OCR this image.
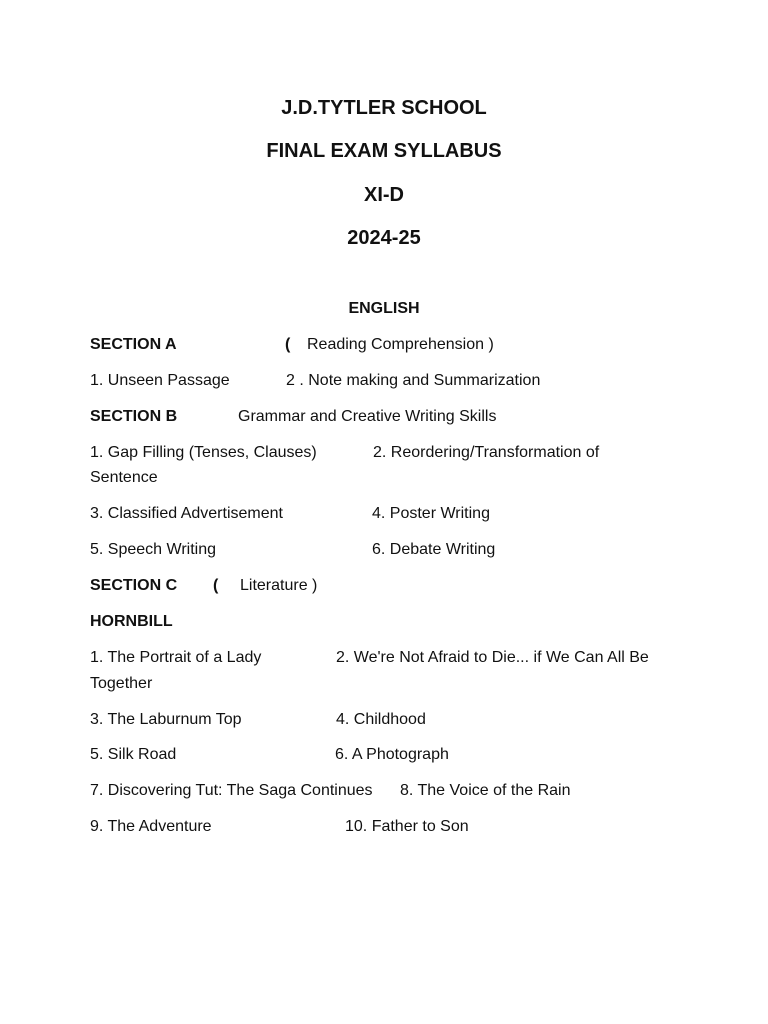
J.D.TYTLER SCHOOL
FINAL EXAM SYLLABUS
XI-D
2024-25
ENGLISH
SECTION A	( Reading Comprehension )
1. Unseen Passage	2 . Note making and Summarization
SECTION B	Grammar and Creative Writing Skills
1. Gap Filling (Tenses, Clauses)	2. Reordering/Transformation of
Sentence
3. Classified Advertisement	4. Poster Writing
5. Speech Writing	6. Debate Writing
SECTION C ( Literature )
HORNBILL
1. The Portrait of a Lady	2. We're Not Afraid to Die... if We Can All Be
Together
3. The Laburnum Top	4. Childhood
5. Silk Road	6. A Photograph
7. Discovering Tut: The Saga Continues 8. The Voice of the Rain
9. The Adventure	10. Father to Son
